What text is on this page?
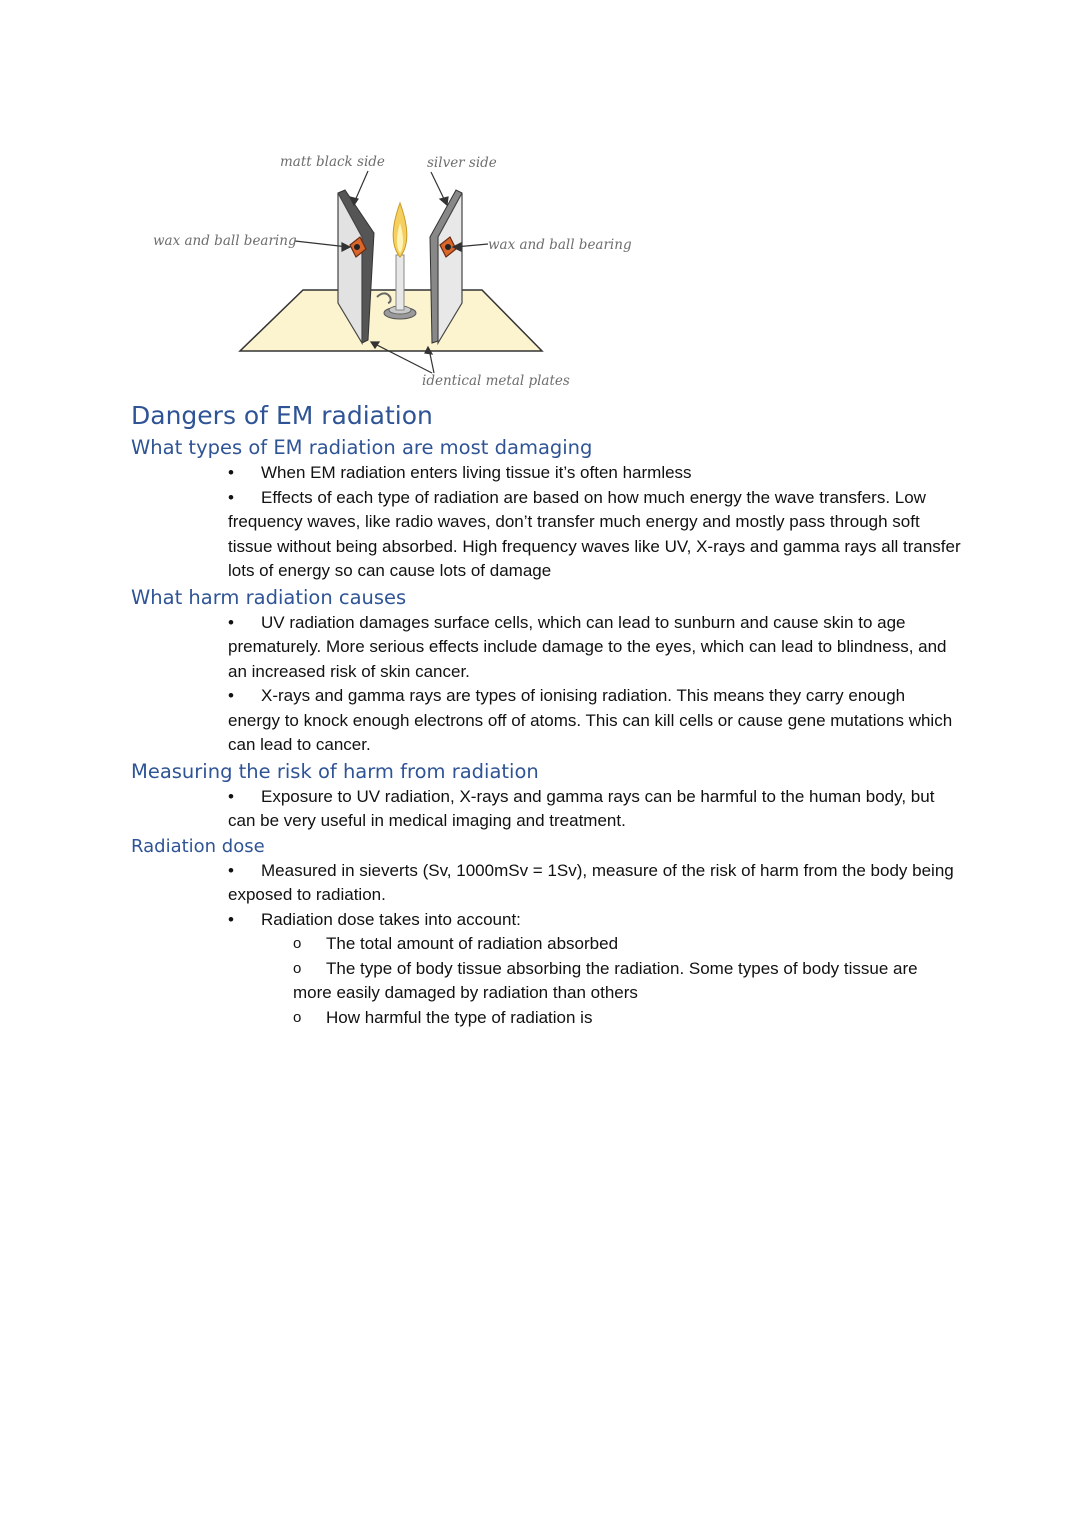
matt black side	silver side
wax and ball bearing	wax and ball bearing
identical metal plates
Dangers of EM radiation
What types of EM radiation are most damaging
•	When EM radiation enters living tissue it’s often harmless
•	Effects of each type of radiation are based on how much energy the wave transfers. Low frequency waves, like radio waves, don’t transfer much energy and mostly pass through soft tissue without being absorbed. High frequency waves like UV, X-rays and gamma rays all transfer lots of energy so can cause lots of damage
What harm radiation causes
•	UV radiation damages surface cells, which can lead to sunburn and cause skin to age prematurely. More serious effects include damage to the eyes, which can lead to blindness, and an increased risk of skin cancer.
•	X-rays and gamma rays are types of ionising radiation. This means they carry enough energy to knock enough electrons off of atoms. This can kill cells or cause gene mutations which can lead to cancer.
Measuring the risk of harm from radiation
•	Exposure to UV radiation, X-rays and gamma rays can be harmful to the human body, but can be very useful in medical imaging and treatment.
Radiation dose
•	Measured in sieverts (Sv, 1000mSv = 1Sv), measure of the risk of harm from the body being exposed to radiation.
•	Radiation dose takes into account:
o The total amount of radiation absorbed
o The type of body tissue absorbing the radiation. Some types of body tissue are more easily damaged by radiation than others
o How harmful the type of radiation is
